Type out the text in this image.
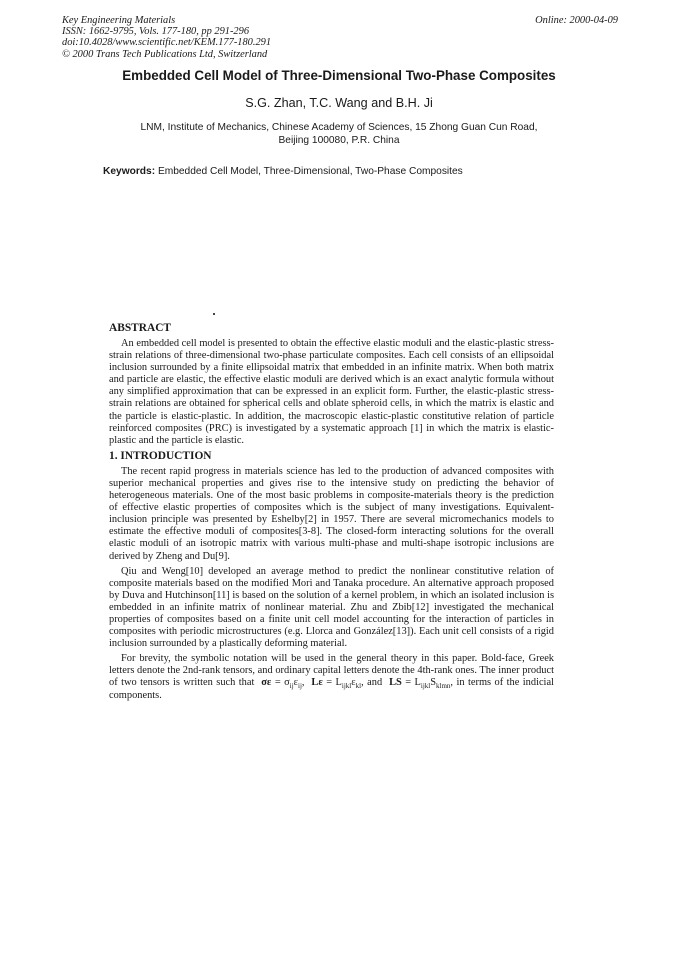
Key Engineering Materials
ISSN: 1662-9795, Vols. 177-180, pp 291-296
doi:10.4028/www.scientific.net/KEM.177-180.291
© 2000 Trans Tech Publications Ltd, Switzerland
Online: 2000-04-09
Embedded Cell Model of Three-Dimensional Two-Phase Composites
S.G. Zhan, T.C. Wang and B.H. Ji
LNM, Institute of Mechanics, Chinese Academy of Sciences, 15 Zhong Guan Cun Road,
Beijing 100080, P.R. China
Keywords: Embedded Cell Model, Three-Dimensional, Two-Phase Composites
ABSTRACT

An embedded cell model is presented to obtain the effective elastic moduli and the elastic-plastic stress-strain relations of three-dimensional two-phase particulate composites. Each cell consists of an ellipsoidal inclusion surrounded by a finite ellipsoidal matrix that embedded in an infinite matrix. When both matrix and particle are elastic, the effective elastic moduli are derived which is an exact analytic formula without any simplified approximation that can be expressed in an explicit form. Further, the elastic-plastic stress-strain relations are obtained for spherical cells and oblate spheroid cells, in which the matrix is elastic and the particle is elastic-plastic. In addition, the macroscopic elastic-plastic constitutive relation of particle reinforced composites (PRC) is investigated by a systematic approach [1] in which the matrix is elastic-plastic and the particle is elastic.

1. INTRODUCTION

The recent rapid progress in materials science has led to the production of advanced composites with superior mechanical properties and gives rise to the intensive study on predicting the behavior of heterogeneous materials. One of the most basic problems in composite-materials theory is the prediction of effective elastic properties of composites which is the subject of many investigations. Equivalent-inclusion principle was presented by Eshelby[2] in 1957. There are several micromechanics models to estimate the effective moduli of composites[3-8]. The closed-form interacting solutions for the overall elastic moduli of an isotropic matrix with various multi-phase and multi-shape isotropic inclusions are derived by Zheng and Du[9].

Qiu and Weng[10] developed an average method to predict the nonlinear constitutive relation of composite materials based on the modified Mori and Tanaka procedure. An alternative approach proposed by Duva and Hutchinson[11] is based on the solution of a kernel problem, in which an isolated inclusion is embedded in an infinite matrix of nonlinear material. Zhu and Zbib[12] investigated the mechanical properties of composites based on a finite unit cell model accounting for the interaction of particles in composites with periodic microstructures (e.g. Llorca and González[13]). Each unit cell consists of a rigid inclusion surrounded by a plastically deforming material.

For brevity, the symbolic notation will be used in the general theory in this paper. Bold-face, Greek letters denote the 2nd-rank tensors, and ordinary capital letters denote the 4th-rank ones. The inner product of two tensors is written such that $\sigma\varepsilon = \sigma_{ij}\varepsilon_{ij}$, $L\varepsilon = L_{ijkl}\varepsilon_{kl}$, and LS = $L_{ijkl}S_{klmn}$, in terms of the indicial components.
